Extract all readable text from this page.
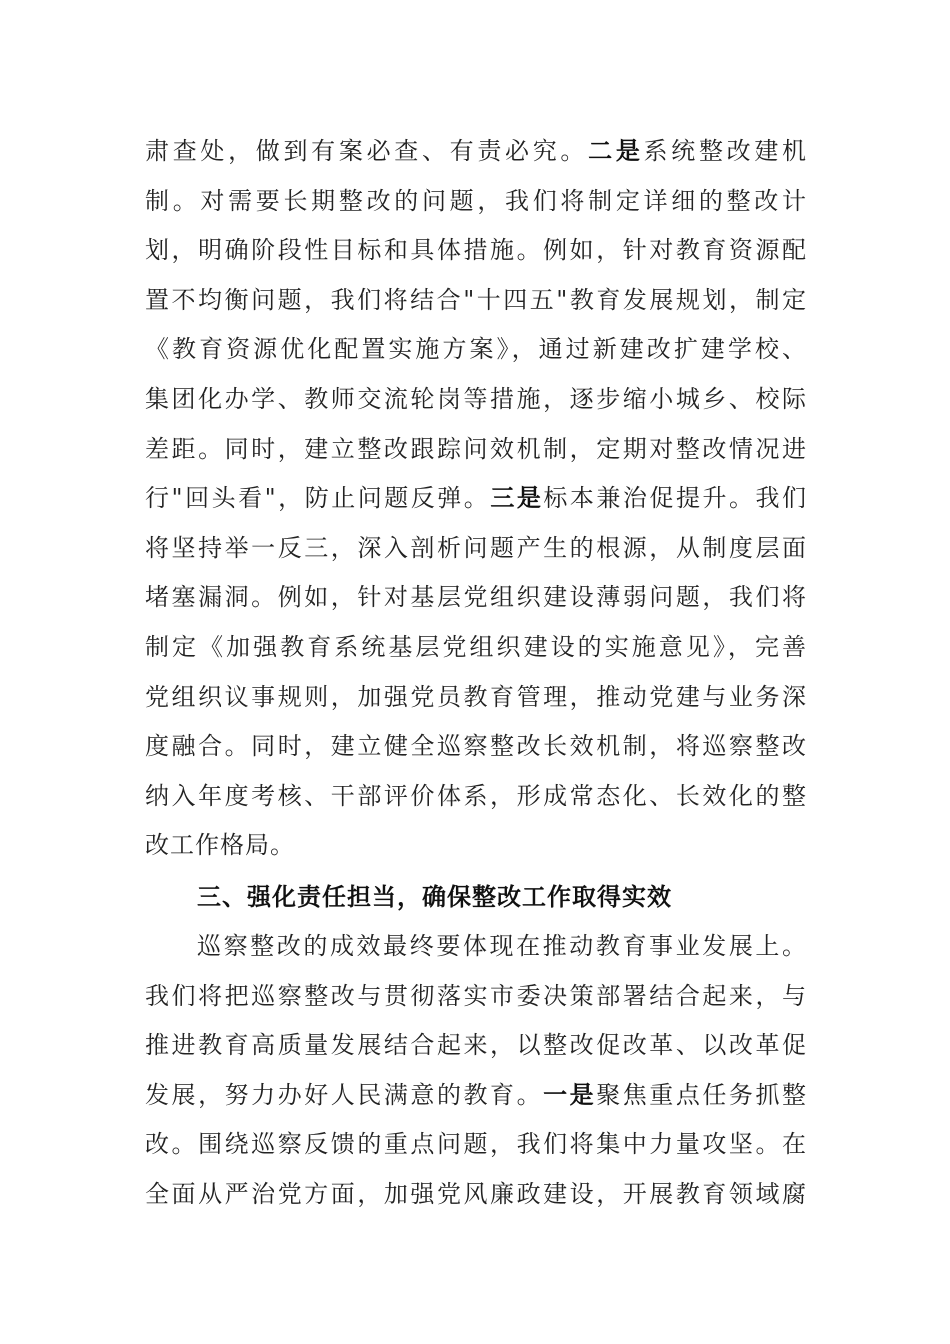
肃查处，做到有案必查、有责必究。二是系统整改建机
制。对需要长期整改的问题，我们将制定详细的整改计
划，明确阶段性目标和具体措施。例如，针对教育资源配
置不均衡问题，我们将结合"十四五"教育发展规划，制定
《教育资源优化配置实施方案》，通过新建改扩建学校、
集团化办学、教师交流轮岗等措施，逐步缩小城乡、校际
差距。同时，建立整改跟踪问效机制，定期对整改情况进
行"回头看"，防止问题反弹。三是标本兼治促提升。我们
将坚持举一反三，深入剖析问题产生的根源，从制度层面
堵塞漏洞。例如，针对基层党组织建设薄弱问题，我们将
制定《加强教育系统基层党组织建设的实施意见》，完善
党组织议事规则，加强党员教育管理，推动党建与业务深
度融合。同时，建立健全巡察整改长效机制，将巡察整改
纳入年度考核、干部评价体系，形成常态化、长效化的整
改工作格局。
三、强化责任担当，确保整改工作取得实效
巡察整改的成效最终要体现在推动教育事业发展上。
我们将把巡察整改与贯彻落实市委决策部署结合起来，与
推进教育高质量发展结合起来，以整改促改革、以改革促
发展，努力办好人民满意的教育。一是聚焦重点任务抓整
改。围绕巡察反馈的重点问题，我们将集中力量攻坚。在
全面从严治党方面，加强党风廉政建设，开展教育领域腐
